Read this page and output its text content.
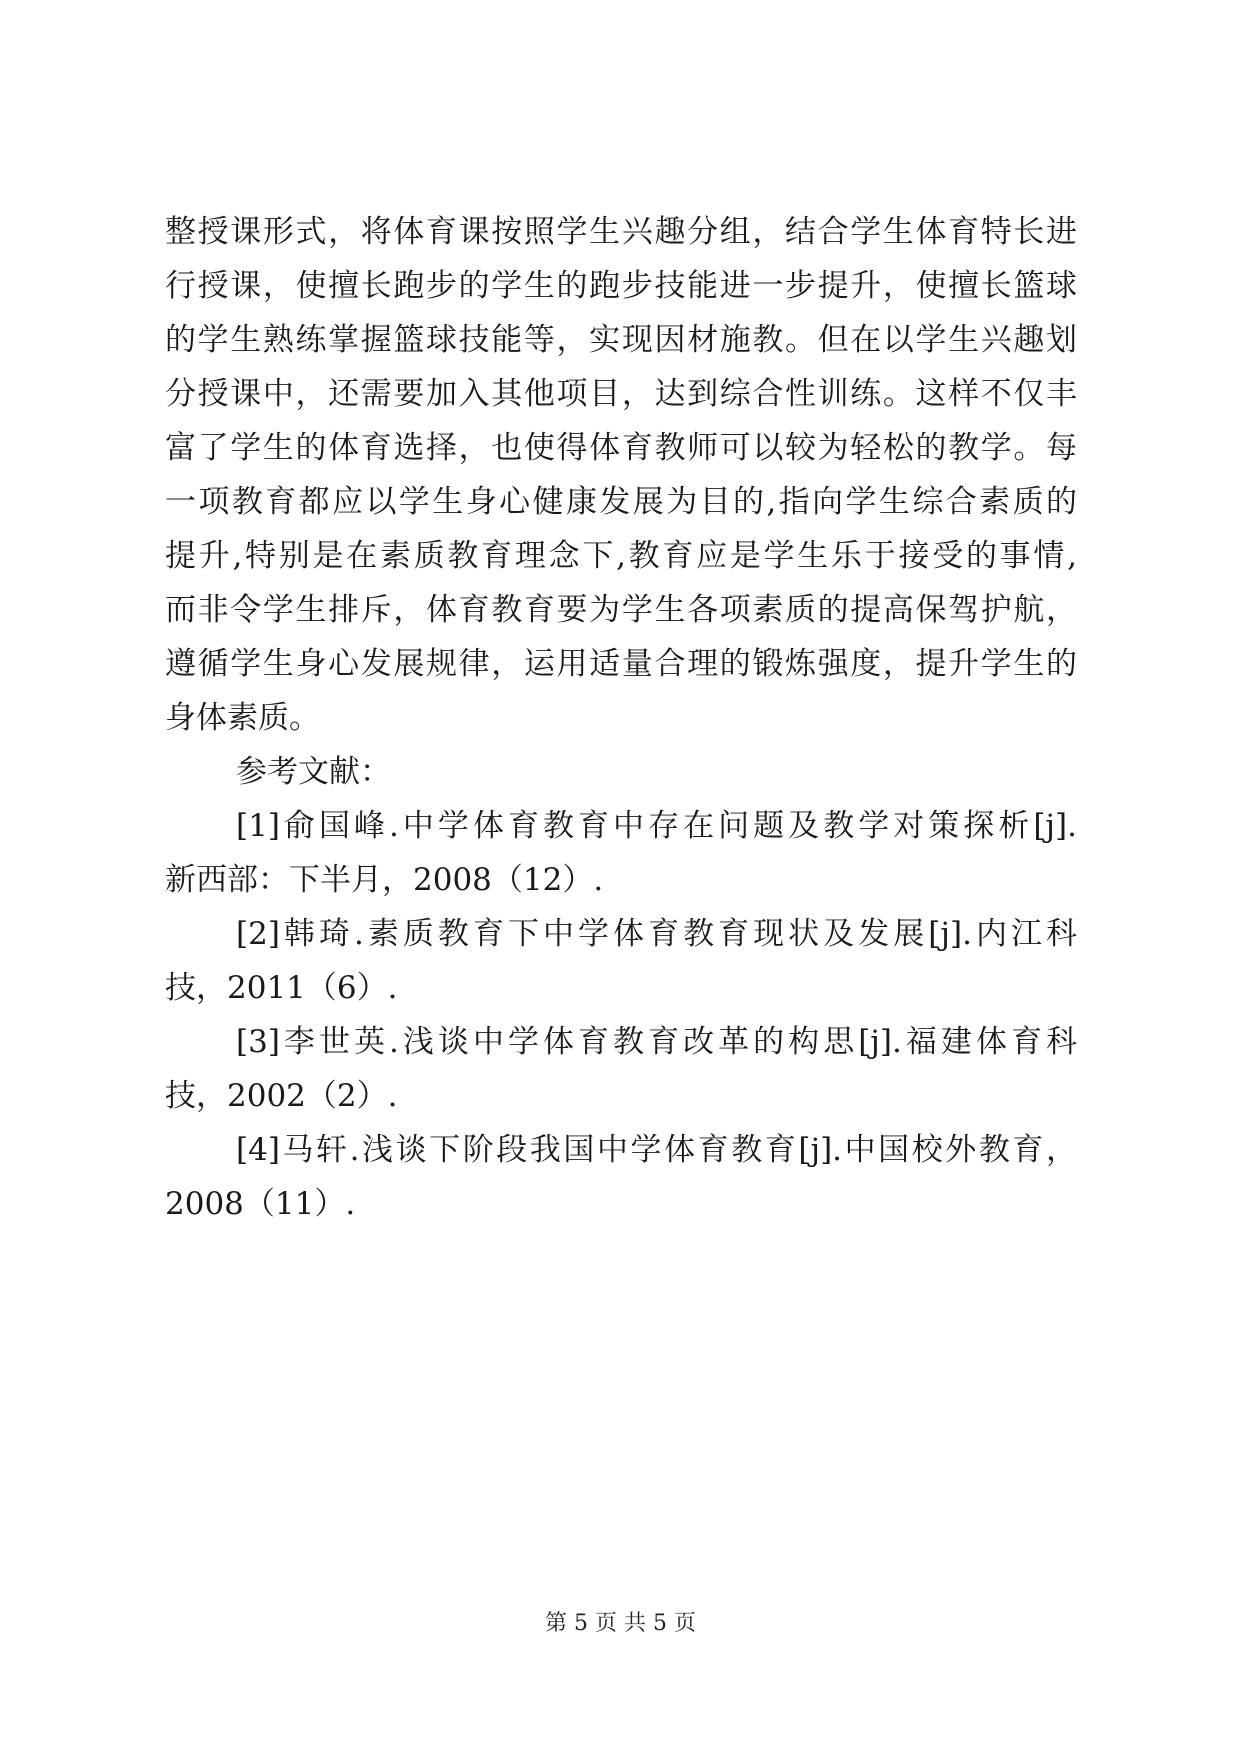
整授课形式，将体育课按照学生兴趣分组，结合学生体育特长进
行授课，使擅长跑步的学生的跑步技能进一步提升，使擅长篮球
的学生熟练掌握篮球技能等，实现因材施教。但在以学生兴趣划
分授课中，还需要加入其他项目，达到综合性训练。这样不仅丰
富了学生的体育选择，也使得体育教师可以较为轻松的教学。每
一项教育都应以学生身心健康发展为目的,指向学生综合素质的
提升,特别是在素质教育理念下,教育应是学生乐于接受的事情,
而非令学生排斥，体育教育要为学生各项素质的提高保驾护航，
遵循学生身心发展规律，运用适量合理的锻炼强度，提升学生的
身体素质。
参考文献：
[1]俞国峰.中学体育教育中存在问题及教学对策探析[j].
新西部：下半月，2008（12）.
[2]韩琦.素质教育下中学体育教育现状及发展[j].内江科
技，2011（6）.
[3]李世英.浅谈中学体育教育改革的构思[j].福建体育科
技，2002（2）.
[4]马轩.浅谈下阶段我国中学体育教育[j].中国校外教育，
2008（11）.
第 5 页 共 5 页
